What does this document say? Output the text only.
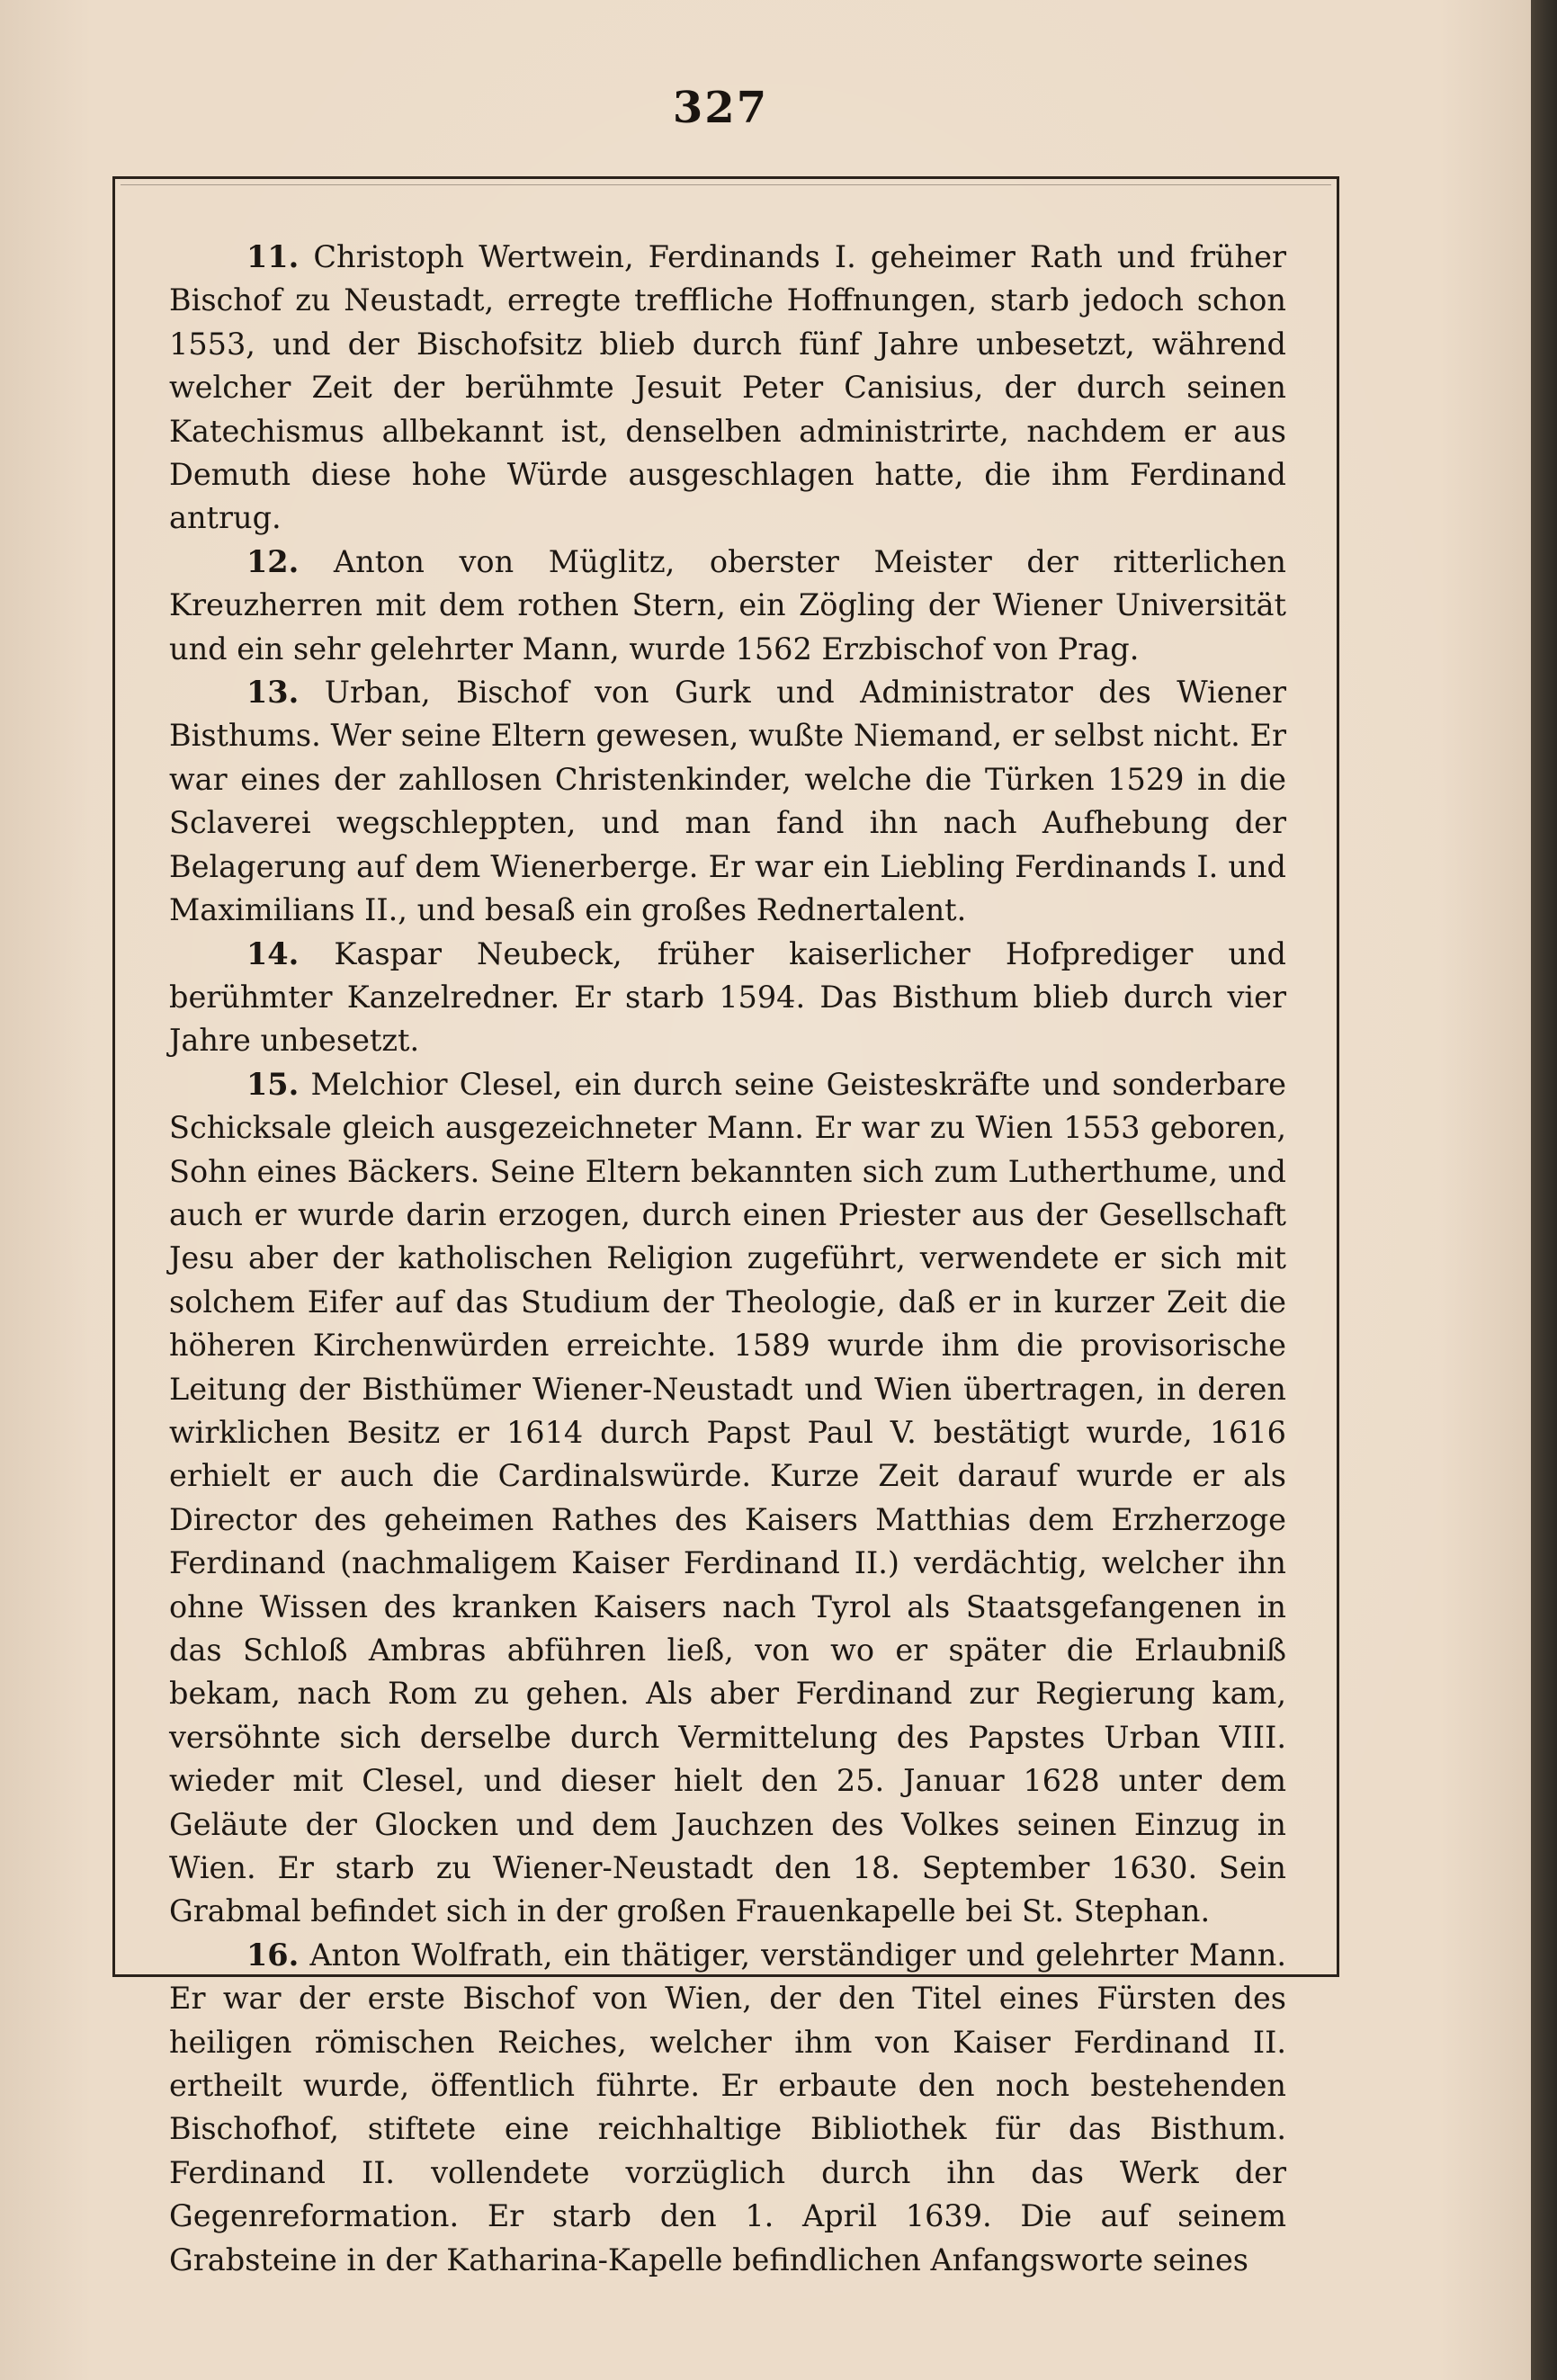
327

11. Christoph Wertwein, Ferdinands I. geheimer Rath und früher Bischof zu Neustadt, erregte treffliche Hoffnungen, starb jedoch schon 1553, und der Bischofsitz blieb durch fünf Jahre unbesetzt, während welcher Zeit der berühmte Jesuit Peter Canisius, der durch seinen Katechismus allbekannt ist, denselben administrirte, nachdem er aus Demuth diese hohe Würde ausgeschlagen hatte, die ihm Ferdinand antrug.

12. Anton von Müglitz, oberster Meister der ritterlichen Kreuzherren mit dem rothen Stern, ein Zögling der Wiener Universität und ein sehr gelehrter Mann, wurde 1562 Erzbischof von Prag.

13. Urban, Bischof von Gurk und Administrator des Wiener Bisthums. Wer seine Eltern gewesen, wußte Niemand, er selbst nicht. Er war eines der zahllosen Christenkinder, welche die Türken 1529 in die Sclaverei wegschleppten, und man fand ihn nach Aufhebung der Belagerung auf dem Wienerberge. Er war ein Liebling Ferdinands I. und Maximilians II., und besaß ein großes Rednertalent.

14. Kaspar Neubeck, früher kaiserlicher Hofprediger und berühmter Kanzelredner. Er starb 1594. Das Bisthum blieb durch vier Jahre unbesetzt.

15. Melchior Clesel, ein durch seine Geisteskräfte und sonderbare Schicksale gleich ausgezeichneter Mann. Er war zu Wien 1553 geboren, Sohn eines Bäckers. Seine Eltern bekannten sich zum Lutherthume, und auch er wurde darin erzogen, durch einen Priester aus der Gesellschaft Jesu aber der katholischen Religion zugeführt, verwendete er sich mit solchem Eifer auf das Studium der Theologie, daß er in kurzer Zeit die höheren Kirchenwürden erreichte. 1589 wurde ihm die provisorische Leitung der Bisthümer Wiener-Neustadt und Wien übertragen, in deren wirklichen Besitz er 1614 durch Papst Paul V. bestätigt wurde, 1616 erhielt er auch die Cardinalswürde. Kurze Zeit darauf wurde er als Director des geheimen Rathes des Kaisers Matthias dem Erzherzoge Ferdinand (nachmaligem Kaiser Ferdinand II.) verdächtig, welcher ihn ohne Wissen des kranken Kaisers nach Tyrol als Staatsgefangenen in das Schloß Ambras abführen ließ, von wo er später die Erlaubniß bekam, nach Rom zu gehen. Als aber Ferdinand zur Regierung kam, versöhnte sich derselbe durch Vermittelung des Papstes Urban VIII. wieder mit Clesel, und dieser hielt den 25. Januar 1628 unter dem Geläute der Glocken und dem Jauchzen des Volkes seinen Einzug in Wien. Er starb zu Wiener-Neustadt den 18. September 1630. Sein Grabmal befindet sich in der großen Frauenkapelle bei St. Stephan.

16. Anton Wolfrath, ein thätiger, verständiger und gelehrter Mann. Er war der erste Bischof von Wien, der den Titel eines Fürsten des heiligen römischen Reiches, welcher ihm von Kaiser Ferdinand II. ertheilt wurde, öffentlich führte. Er erbaute den noch bestehenden Bischofhof, stiftete eine reichhaltige Bibliothek für das Bisthum. Ferdinand II. vollendete vorzüglich durch ihn das Werk der Gegenreformation. Er starb den 1. April 1639. Die auf seinem Grabsteine in der Katharina-Kapelle befindlichen Anfangsworte seines
